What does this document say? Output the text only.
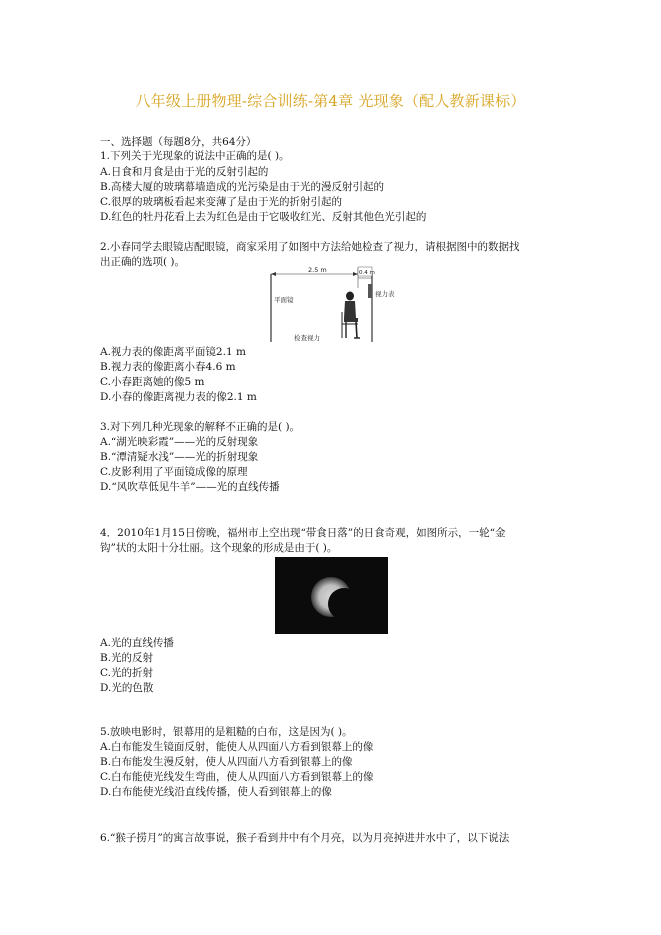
八年级上册物理-综合训练-第4章 光现象（配人教新课标）
一、选择题（每题8分，共64分）
1.下列关于光现象的说法中正确的是( )。
A.日食和月食是由于光的反射引起的
B.高楼大厦的玻璃幕墙造成的光污染是由于光的漫反射引起的
C.很厚的玻璃板看起来变薄了是由于光的折射引起的
D.红色的牡丹花看上去为红色是由于它吸收红光、反射其他色光引起的
2.小春同学去眼镜店配眼镜，商家采用了如图中方法给她检查了视力，请根据图中的数据找
出正确的选项( )。
2.5 m	0.4 m
平面镜
视力表
检查视力
A.视力表的像距离平面镜2.1 m
B.视力表的像距离小春4.6 m
C.小春距离她的像5 m
D.小春的像距离视力表的像2.1 m
3.对下列几种光现象的解释不正确的是( )。
A.“湖光映彩霞”——光的反射现象
B.“潭清疑水浅”——光的折射现象
C.皮影利用了平面镜成像的原理
D.“风吹草低见牛羊”——光的直线传播
4．2010年1月15日傍晚，福州市上空出现“带食日落”的日食奇观，如图所示，一轮“金
钩”状的太阳十分壮丽。这个现象的形成是由于( )。
A.光的直线传播
B.光的反射
C.光的折射
D.光的色散
5.放映电影时，银幕用的是粗糙的白布，这是因为( )。
A.白布能发生镜面反射，能使人从四面八方看到银幕上的像
B.白布能发生漫反射，使人从四面八方看到银幕上的像
C.白布能使光线发生弯曲，使人从四面八方看到银幕上的像
D.白布能使光线沿直线传播，使人看到银幕上的像
6.“猴子捞月”的寓言故事说，猴子看到井中有个月亮，以为月亮掉进井水中了，以下说法
